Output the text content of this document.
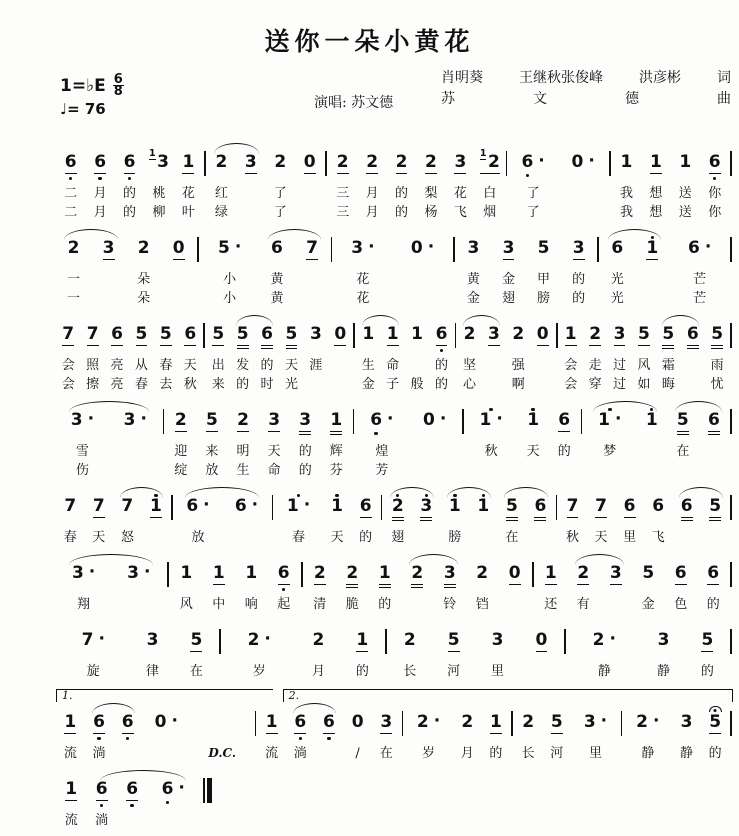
送你一朵小黄花
1=♭E 6
8
♩= 76	演唱: 苏文德
肖明葵	王继秋张俊峰	洪彦彬	词
苏	文	德	曲
6
二
二
6
月
月
6
的
的
1 3
桃
柳
1
花
叶
2
红
绿
3 2
了
了
0 2
三
三
2
月
月
2
的
的
2
梨
杨
3
花
飞
1 2
白
烟
6 ·
了
了
0 · 1
我
我
1
想
想
1
送
送
6
你
你
2
一
一
3 2
朵
朵
0 5 ·
小
小
6
黄
黄
7 3 ·
花
花
0 · 3
黄
金
3
金
翅
5
甲
膀
3
的
的
6
光
光
1 6 ·
芒
芒
7
会
会
7
照
擦
6
亮
亮
5
从
春
5
春
去
6
天
秋
5
出
来
5
发
的
6
的
时
5
天
光
3
涯
0 1
生
金
1
命
子
1
般
6
的
的
2
坚
心
3 2
强
啊
0 1
会
会
2
走
穿
3
过
过
5
风
如
5
霜
晦
6 5
雨
忧
3 ·
雪
伤
3 · 2
迎
绽
5
来
放
2
明
生
3
天
命
3
的
的
1
辉
芬
6 ·
煌
芳
0 · 1 ·
秋
1
天
6
的
1 ·
梦
1 5
在
6
7
春
7
天
7
怒
1 6 ·
放
6 · 1 ·
春
1
天
6
的
2
翅
3 1
膀
1 5
在
6 7
秋
7
天
6
里
6
飞
6 5
3 ·
翔
3 · 1
风
1
中
1
响
6
起
2
清
2
脆
1
的
2 3
铃
2
铛
0 1
还
2
有
3 5
金
6
色
6
的
7 ·
旋
3
律
5
在
2 ·
岁
2
月
1
的
2
长
5
河
3
里
0	2 ·
静
3
静
5
的
1.	2.
1
流
6
淌
6 0 ·
D.C.
1
流
6
淌
6 0
/
3
在
2 ·
岁
2
月
1
的
2
长
5
河
3 ·
里
2 ·
静
3
静
5
的
1
流
6
淌
6 6 ·
